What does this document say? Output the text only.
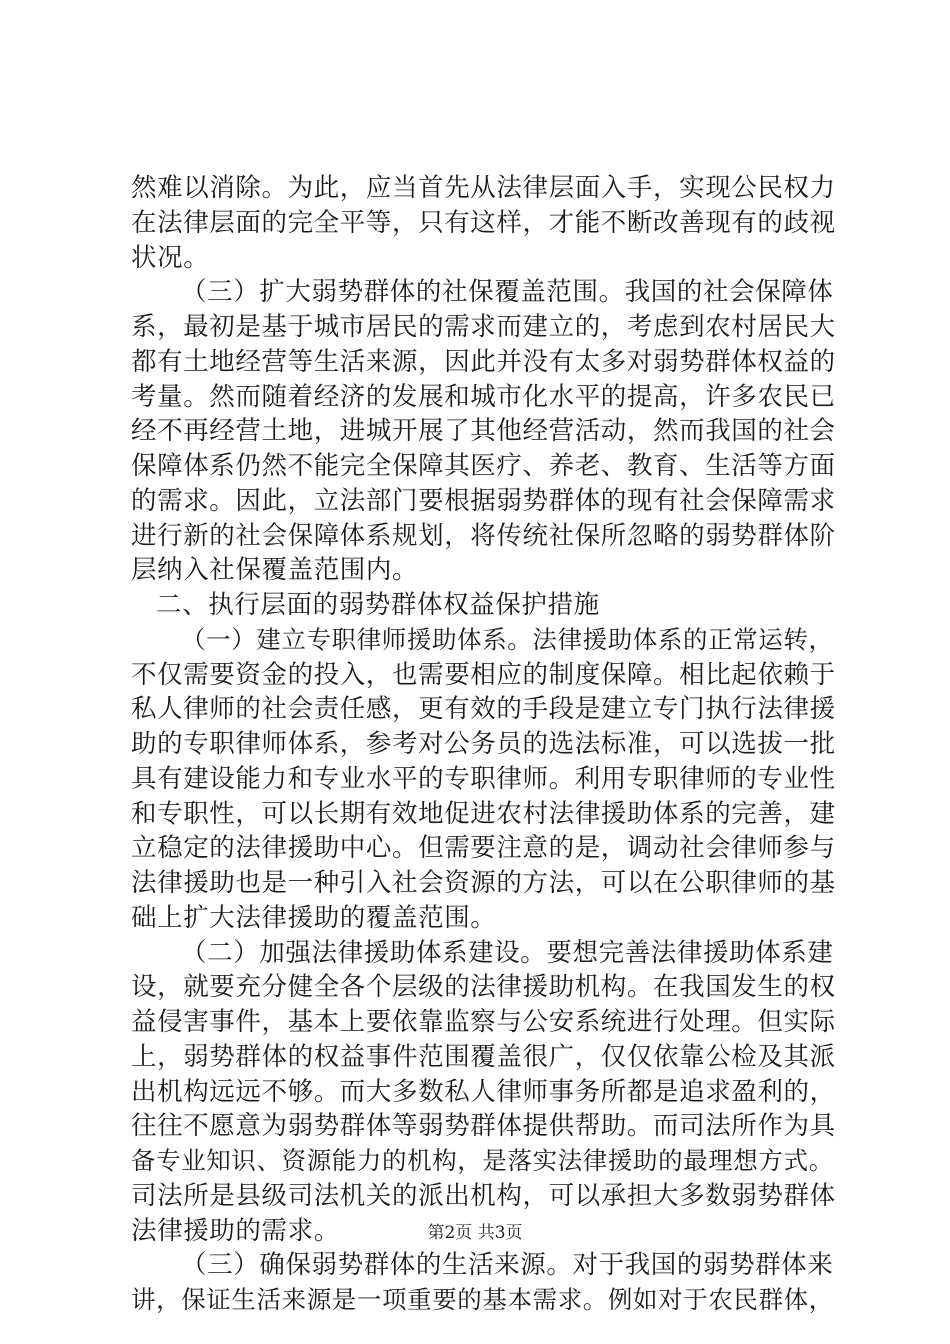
然难以消除。为此，应当首先从法律层面入手，实现公民权力
在法律层面的完全平等，只有这样，才能不断改善现有的歧视
状况。
（三）扩大弱势群体的社保覆盖范围。我国的社会保障体
系，最初是基于城市居民的需求而建立的，考虑到农村居民大
都有土地经营等生活来源，因此并没有太多对弱势群体权益的
考量。然而随着经济的发展和城市化水平的提高，许多农民已
经不再经营土地，进城开展了其他经营活动，然而我国的社会
保障体系仍然不能完全保障其医疗、养老、教育、生活等方面
的需求。因此，立法部门要根据弱势群体的现有社会保障需求
进行新的社会保障体系规划，将传统社保所忽略的弱势群体阶
层纳入社保覆盖范围内。
二、执行层面的弱势群体权益保护措施
（一）建立专职律师援助体系。法律援助体系的正常运转，
不仅需要资金的投入，也需要相应的制度保障。相比起依赖于
私人律师的社会责任感，更有效的手段是建立专门执行法律援
助的专职律师体系，参考对公务员的选法标准，可以选拔一批
具有建设能力和专业水平的专职律师。利用专职律师的专业性
和专职性，可以长期有效地促进农村法律援助体系的完善，建
立稳定的法律援助中心。但需要注意的是，调动社会律师参与
法律援助也是一种引入社会资源的方法，可以在公职律师的基
础上扩大法律援助的覆盖范围。
（二）加强法律援助体系建设。要想完善法律援助体系建
设，就要充分健全各个层级的法律援助机构。在我国发生的权
益侵害事件，基本上要依靠监察与公安系统进行处理。但实际
上，弱势群体的权益事件范围覆盖很广，仅仅依靠公检及其派
出机构远远不够。而大多数私人律师事务所都是追求盈利的，
往往不愿意为弱势群体等弱势群体提供帮助。而司法所作为具
备专业知识、资源能力的机构，是落实法律援助的最理想方式。
司法所是县级司法机关的派出机构，可以承担大多数弱势群体
法律援助的需求。
（三）确保弱势群体的生活来源。对于我国的弱势群体来
讲，保证生活来源是一项重要的基本需求。例如对于农民群体，
第2页 共3页
